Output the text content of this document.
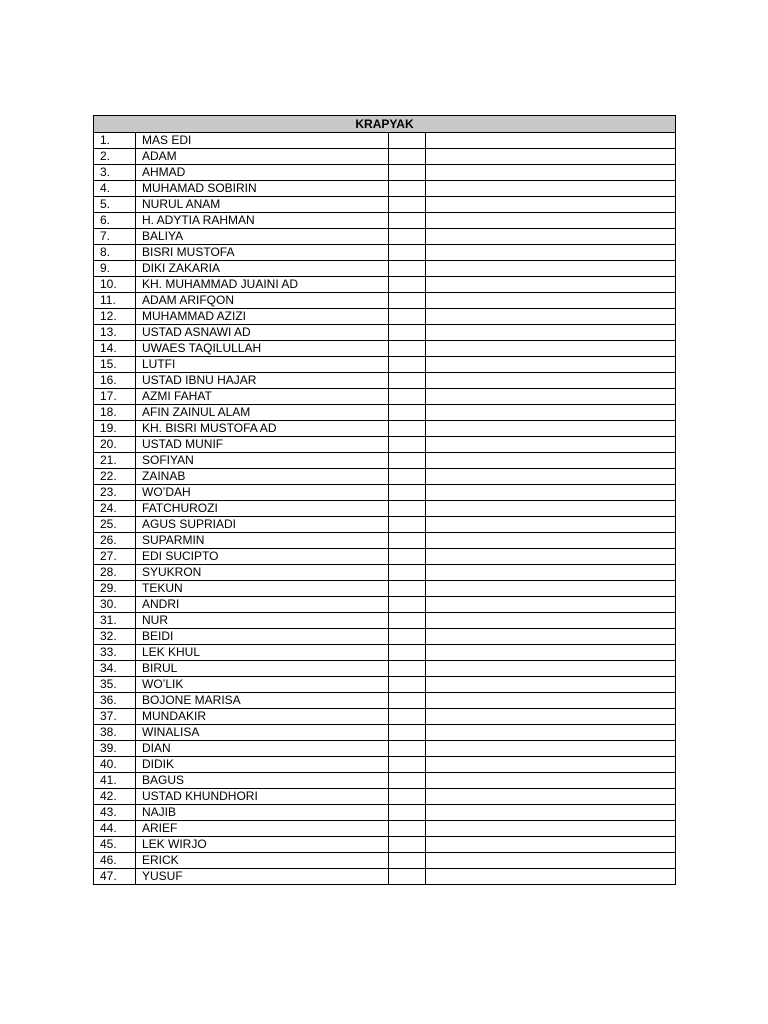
KRAPYAK			
1.	MAS EDI		
2.	ADAM		
3.	AHMAD		
4.	MUHAMAD SOBIRIN		
5.	NURUL ANAM		
6.	H. ADYTIA RAHMAN		
7.	BALIYA		
8.	BISRI MUSTOFA		
9.	DIKI ZAKARIA		
10.	KH. MUHAMMAD JUAINI AD		
11.	ADAM ARIFQON		
12.	MUHAMMAD AZIZI		
13.	USTAD ASNAWI AD		
14.	UWAES TAQILULLAH		
15.	LUTFI		
16.	USTAD IBNU HAJAR		
17.	AZMI FAHAT		
18.	AFIN ZAINUL ALAM		
19.	KH. BISRI MUSTOFA AD		
20.	USTAD MUNIF		
21.	SOFIYAN		
22.	ZAINAB		
23.	WO’DAH		
24.	FATCHUROZI		
25.	AGUS SUPRIADI		
26.	SUPARMIN		
27.	EDI SUCIPTO		
28.	SYUKRON		
29.	TEKUN		
30.	ANDRI		
31.	NUR		
32.	BEIDI		
33.	LEK KHUL		
34.	BIRUL		
35.	WO’LIK		
36.	BOJONE MARISA		
37.	MUNDAKIR		
38.	WINALISA		
39.	DIAN		
40.	DIDIK		
41.	BAGUS		
42.	USTAD KHUNDHORI		
43.	NAJIB		
44.	ARIEF		
45.	LEK WIRJO		
46.	ERICK		
47.	YUSUF		
